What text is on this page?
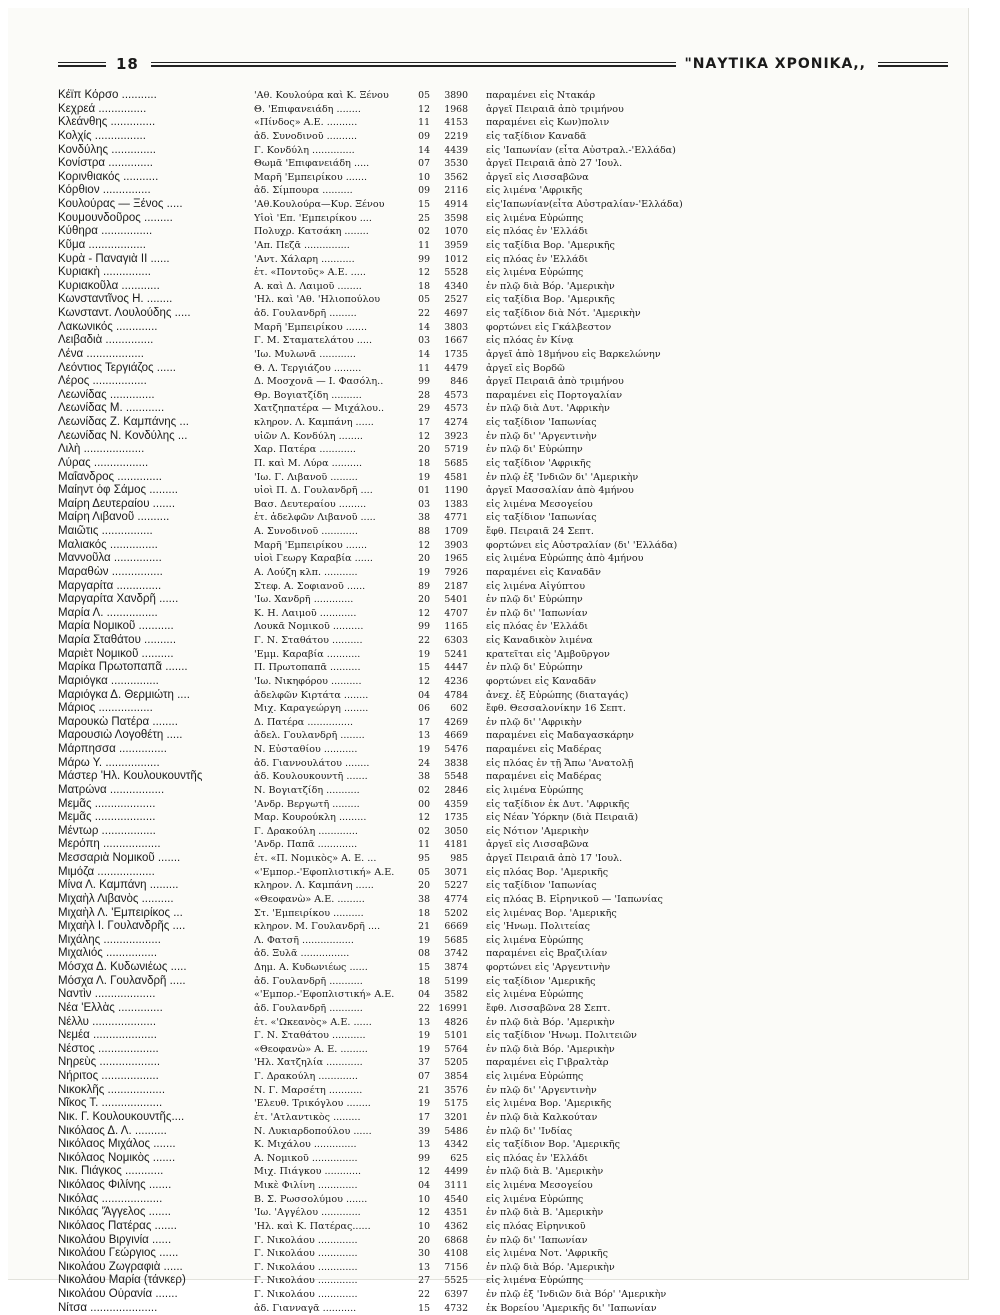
18	"ΝΑΥΤΙΚΑ ΧΡΟΝΙΚΑ,,
Κέϊπ Κόρσο ...........	'Αθ. Κουλούρα καὶ Κ. Ξένου	05	3890 παραμένει εἰς Ντακάρ
Κεχρεά ...............	Θ. 'Επιφανειάδη ........	12	1968 ἀργεῖ Πειραιᾶ ἀπὸ τριμήνου
Κλεάνθης ..............	«Πίνδος» Α.Ε. ..........	11	4153 παραμένει εἰς Κων)πολιν
Κολχίς ................	ἀδ. Συνοδινοῦ ..........	09	2219 εἰς ταξίδιον Καναδᾶ
Κονδύλης ..............	Γ. Κονδύλη ..............	14	4439 εἰς 'Ιαπωνίαν (εἶτα Αὐστραλ.-'Ελλάδα)
Κονίστρα ..............	Θωμᾶ 'Επιφανειάδη .....	07	3530 ἀργεῖ Πειραιᾶ ἀπὸ 27 'Ιουλ.
Κορινθιακός ...........	Μαρῆ 'Εμπειρίκου .......	10	3562 ἀργεῖ εἰς Λισσαβῶνα
Κόρθιον ...............	ἀδ. Σίμπουρα ..........	09	2116 εἰς λιμένα 'Αφρικῆς
Κουλούρας — Ξένος .....	'Αθ.Κουλούρα—Κυρ. Ξένου	15	4914 εἰς'Ιαπωνίαν(εἶτα Αὐστραλίαν-'Ελλάδα)
Κουμουνδοῦρος .........	Υἱοὶ 'Επ. 'Εμπειρίκου ....	25	3598 εἰς λιμένα Εὐρώπης
Κύθηρα ................	Πολυχρ. Κατσάκη ........	02	1070 εἰς πλόας ἐν 'Ελλάδι
Κῦμα ..................	'Απ. Πεζᾶ ...............	11	3959 εἰς ταξίδια Βορ. 'Αμερικῆς
Κυρὰ - Παναγιὰ ΙΙ ......	'Αντ. Χάλαρη ...........	99	1012 εἰς πλόας ἐν 'Ελλάδι
Κυριακὴ ...............	ἑτ. «Ποντοῦς» Α.Ε. .....	12	5528 εἰς λιμένα Εὐρώπης
Κυριακοῦλα ............	Α. καὶ Δ. Λαιμοῦ ........	18	4340 ἐν πλῷ διὰ Βόρ. 'Αμερικὴν
Κωνσταντῖνος Η. ........	'Ηλ. καὶ 'Αθ. 'Ηλιοπούλου	05	2527 εἰς ταξίδια Βορ. 'Αμερικῆς
Κωνσταντ. Λουλούδης .....	ἀδ. Γουλανδρῆ .........	22	4697 εἰς ταξίδιον διὰ Νότ. 'Αμερικὴν
Λακωνικός .............	Μαρῆ 'Εμπειρίκου .......	14	3803 φορτώνει εἰς Γκάλβεστον
Λειβαδιὰ ...............	Γ. Μ. Σταματελάτου .....	03	1667 εἰς πλόας ἐν Κίνᾳ
Λένα ..................	'Ιω. Μυλωνᾶ ............	14	1735 ἀργεῖ ἀπὸ 18μήνου εἰς Βαρκελώνην
Λεόντιος Τεργιάζος ......	Θ. Λ. Τεργιάζου .........	11	4479 ἀργεῖ εἰς Βορδῶ
Λέρος .................	Δ. Μοσχονᾶ — Ι. Φασόλη..	99	846 ἀργεῖ Πειραιᾶ ἀπὸ τριμήνου
Λεωνίδας ..............	Θρ. Βογιατζίδη ..........	28	4573 παραμένει εἰς Πορτογαλίαν
Λεωνίδας Μ. ............	Χατζηπατέρα — Μιχάλου..	29	4573 ἐν πλῷ διὰ Δυτ. 'Αφρικὴν
Λεωνίδας Ζ. Καμπάνης ...	κληρον. Λ. Καμπάνη ......	17	4274 εἰς ταξίδιον 'Ιαπωνίας
Λεωνίδας Ν. Κονδύλης ...	υἱῶν Λ. Κονδύλη ........	12	3923 ἐν πλῷ δι' 'Αργεντινὴν
Λιλὴ ...................	Χαρ. Πατέρα ............	20	5719 ἐν πλῷ δι' Εὐρώπην
Λύρας .................	Π. καὶ Μ. Λύρα ..........	18	5685 εἰς ταξίδιον 'Αφρικῆς
Μαΐανδρος ..............	'Ιω. Γ. Λιβανοῦ .........	19	4581 ἐν πλῷ ἐξ 'Ινδιῶν δι' 'Αμερικὴν
Μαίηντ ὀφ Σάμος .........	υἱοὶ Π. Δ. Γουλανδρῆ ....	01	1190 ἀργεῖ Μασσαλίαν ἀπὸ 4μήνου
Μαίρη Δευτεραίου .......	Βασ. Δευτεραίου .........	03	1383 εἰς λιμένα Μεσογείου
Μαίρη Λιβανοῦ ..........	ἑτ. ἀδελφῶν Λιβανοῦ .....	38	4771 εἰς ταξίδιον 'Ιαπωνίας
Μαιῶτις ................	Α. Συνοδινοῦ ............	88	1709 ἔφθ. Πειραιᾶ 24 Σεπτ.
Μαλιακός ...............	Μαρῆ 'Εμπειρίκου .......	12	3903 φορτώνει εἰς Αὐστραλίαν (δι' 'Ελλάδα)
Μαννοῦλα ...............	υἱοὶ Γεωργ Καραβία ......	20	1965 εἰς λιμένα Εὐρώπης ἀπὸ 4μήνου
Μαραθὼν ................	Α. Λούζη κλπ. ...........	19	7926 παραμένει εἰς Καναδᾶν
Μαργαρίτα ..............	Στεφ. Α. Σοφιανοῦ ......	89	2187 εἰς λιμένα Αἰγύπτου
Μαργαρίτα Χανδρῆ ......	'Ιω. Χανδρῆ .............	20	5401 ἐν πλῷ δι' Εὐρώπην
Μαρία Λ. ................	Κ. Η. Λαιμοῦ ............	12	4707 ἐν πλῷ δι' 'Ιαπωνίαν
Μαρία Νομικοῦ ...........	Λουκᾶ Νομικοῦ ..........	99	1165 εἰς πλόας ἐν 'Ελλάδι
Μαρία Σταθάτου ..........	Γ. Ν. Σταθάτου ..........	22	6303 εἰς Καναδικὸν λιμένα
Μαριὲτ Νομικοῦ ..........	'Εμμ. Καραβία ...........	19	5241 κρατεῖται εἰς 'Αμβοῦργον
Μαρίκα Πρωτοπαπᾶ .......	Π. Πρωτοπαπᾶ ..........	15	4447 ἐν πλῷ δι' Εὐρώπην
Μαριόγκα ...............	'Ιω. Νικηφόρου ..........	12	4236 φορτώνει εἰς Καναδᾶν
Μαριόγκα Δ. Θερμιώτη ....	ἀδελφῶν Κιρτάτα ........	04	4784 ἀνεχ. ἐξ Εὐρώπης (διαταγάς)
Μάριος .................	Μιχ. Καραγεώργη ........	06	602 ἔφθ. Θεσσαλονίκην 16 Σεπτ.
Μαρουκὼ Πατέρα ........	Δ. Πατέρα ...............	17	4269 ἐν πλῷ δι' 'Αφρικὴν
Μαρουσιὼ Λογοθέτη .....	ἀδελ. Γουλανδρῆ ........	13	4669 παραμένει εἰς Μαδαγασκάρην
Μάρπησσα ...............	Ν. Εὐσταθίου ...........	19	5476 παραμένει εἰς Μαδέρας
Μάρω Υ. .................	ἀδ. Γιαννουλάτου ........	24	3838 εἰς πλόας ἐν τῇ Ἄπω 'Ανατολῇ
Μάστερ 'Ηλ. Κουλουκουντῆς	ἀδ. Κουλουκουντῆ .......	38	5548 παραμένει εἰς Μαδέρας
Ματρώνα .................	Ν. Βογιατζίδη ...........	02	2846 εἰς λιμένα Εὐρώπης
Μεμᾶς ...................	'Ανδρ. Βεργωτῆ .........	00	4359 εἰς ταξίδιον ἐκ Δυτ. 'Αφρικῆς
Μεμᾶς ...................	Μαρ. Κουρούκλη .........	12	1735 εἰς Νέαν Ὑόρκην (διὰ Πειραιᾶ)
Μέντωρ .................	Γ. Δρακούλη .............	02	3050 εἰς Νότιον 'Αμερικὴν
Μερόπη ..................	'Ανδρ. Παπᾶ .............	11	4181 ἀργεῖ εἰς Λισσαβῶνα
Μεσσαριὰ Νομικοῦ .......	ἑτ. «Π. Νομικὸς» Α. Ε. ...	95	985 ἀργεῖ Πειραιᾶ ἀπὸ 17 'Ιουλ.
Μιμόζα ..................	«'Εμπορ.-'Εφοπλιστική» Α.Ε.	05	3071 εἰς πλόας Βορ. 'Αμερικῆς
Μίνα Λ. Καμπάνη .........	κληρον. Λ. Καμπάνη ......	20	5227 εἰς ταξίδιον 'Ιαπωνίας
Μιχαὴλ Λιβανὸς ..........	«Θεοφανὼ» Α.Ε. .........	38	4774 εἰς πλόας Β. Εἰρηνικοῦ — 'Ιαπωνίας
Μιχαὴλ Λ. 'Εμπειρίκος ...	Στ. 'Εμπειρίκου ..........	18	5202 εἰς λιμένας Βορ. 'Αμερικῆς
Μιχαὴλ Ι. Γουλανδρῆς ....	κληρον. Μ. Γουλανδρῆ ....	21	6669 εἰς 'Ηνωμ. Πολιτείας
Μιχάλης ..................	Λ. Φατσῆ .................	19	5685 εἰς λιμένα Εὐρώπης
Μιχαλιός ................	ἀδ. Ξυλᾶ ................	08	3742 παραμένει εἰς Βραζιλίαν
Μόσχα Δ. Κυδωνιέως .....	Δημ. Α. Κυδωνιέως ......	15	3874 φορτώνει εἰς 'Αργεντινὴν
Μόσχα Λ. Γουλανδρῆ .....	ἀδ. Γουλανδρῆ ...........	18	5199 εἰς ταξίδιον 'Αμερικῆς
Ναντὶν ...................	«'Εμπορ.-'Εφοπλιστική» Α.Ε.	04	3582 εἰς λιμένα Εὐρώπης
Νέα 'Ελλὰς ..............	ἀδ. Γουλανδρῆ ...........	22 16991 ἔφθ. Λισσαβῶνα 28 Σεπτ.
Νέλλυ ....................	ἑτ. «'Ωκεανὸς» Α.Ε. ......	13	4826 ἐν πλῷ διὰ Βόρ. 'Αμερικὴν
Νεμέα ....................	Γ. Ν. Σταθάτου ...........	19	5101 εἰς ταξίδιον 'Ηνωμ. Πολιτειῶν
Νέστος ...................	«Θεοφανὼ» Α. Ε. .........	19	5764 ἐν πλῷ διὰ Βόρ. 'Αμερικὴν
Νηρεὺς ...................	'Ηλ. Χατζηλία ............	37	5205 παραμένει εἰς Γιβραλτὰρ
Νήριτος ..................	Γ. Δρακούλη .............	07	3854 εἰς λιμένα Εὐρώπης
Νικοκλῆς ..................	Ν. Γ. Μαρσέτη ...........	21	3576 ἐν πλῷ δι' 'Αργεντινὴν
Νῖκος Τ. ...................	'Ελευθ. Τρικόγλου ........	19	5175 εἰς λιμένα Βορ. 'Αμερικῆς
Νικ. Γ. Κουλουκουντῆς....	ἑτ. 'Ατλαντικὸς .........	17	3201 ἐν πλῷ διὰ Καλκούταν
Νικόλαος Δ. Λ. ..........	Ν. Λυκιαρδοπούλου ......	39	5486 ἐν πλῷ δι' 'Ινδίας
Νικόλαος Μιχάλος .......	Κ. Μιχάλου ..............	13	4342 εἰς ταξίδιον Βορ. 'Αμερικῆς
Νικόλαος Νομικὸς .......	Α. Νομικοῦ ...............	99	625 εἰς πλόας ἐν 'Ελλάδι
Νικ. Πιάγκος ............	Μιχ. Πιάγκου ............	12	4499 ἐν πλῷ διὰ Β. 'Αμερικὴν
Νικόλαος Φιλίνης .......	Μικὲ Φιλίνη .............	04	3111 εἰς λιμένα Μεσογείου
Νικόλας ...................	Β. Σ. Ρωσσολύμου .......	10	4540 εἰς λιμένα Εὐρώπης
Νικόλας 'Άγγελος .......	'Ιω. 'Αγγέλου .............	12	4351 ἐν πλῷ διὰ Β. 'Αμερικὴν
Νικόλαος Πατέρας .......	'Ηλ. καὶ Κ. Πατέρας......	10	4362 εἰς πλόας Εἰρηνικοῦ
Νικολάου Βιργινία ......	Γ. Νικολάου .............	20	6868 ἐν πλῷ δι' 'Ιαπωνίαν
Νικολάου Γεώργιος ......	Γ. Νικολάου .............	30	4108 εἰς λιμένα Νοτ. 'Αφρικῆς
Νικολάου Ζωγραφιὰ ......	Γ. Νικολάου .............	13	7156 ἐν πλῷ διὰ Βόρ. 'Αμερικὴν
Νικολάου Μαρία (τάνκερ)	Γ. Νικολάου .............	27	5525 εἰς λιμένα Εὐρώπης
Νικολάου Οὐρανία .......	Γ. Νικολάου .............	22	6397 ἐν πλῷ ἐξ 'Ινδιῶν διὰ Βόρ' 'Αμερικὴν
Νίτσα .....................	ἀδ. Γιανναγᾶ ...........	15	4732 ἐκ Βορείου 'Αμερικῆς δι' 'Ιαπωνίαν
